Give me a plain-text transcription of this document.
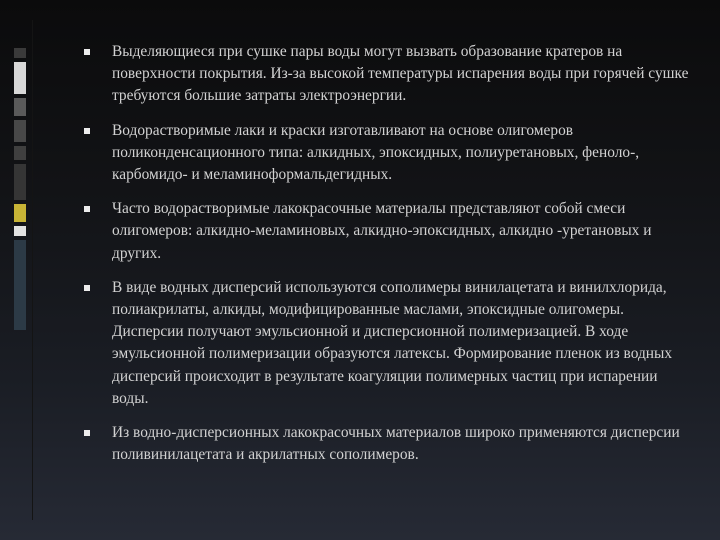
Выделяющиеся при сушке пары воды могут вызвать образование кратеров на поверхности покрытия. Из-за высокой температуры испарения воды при горячей сушке требуются большие затраты электроэнергии.
Водорастворимые лаки и краски изготавливают на основе олигомеров поликонденсационного типа: алкидных, эпоксидных, полиуретановых, феноло-, карбомидо- и меламиноформальдегидных.
Часто водорастворимые лакокрасочные материалы представляют собой смеси олигомеров: алкидно-меламиновых, алкидно-эпоксидных, алкидно -уретановых и других.
В виде водных дисперсий используются сополимеры винилацетата и винилхлорида, полиакрилаты, алкиды, модифицированные маслами, эпоксидные олигомеры. Дисперсии получают эмульсионной и дисперсионной полимеризацией. В ходе эмульсионной полимеризации образуются латексы. Формирование пленок из водных дисперсий происходит в результате коагуляции полимерных частиц при испарении воды.
Из водно-дисперсионных лакокрасочных материалов широко применяются дисперсии поливинилацетата и акрилатных сополимеров.
